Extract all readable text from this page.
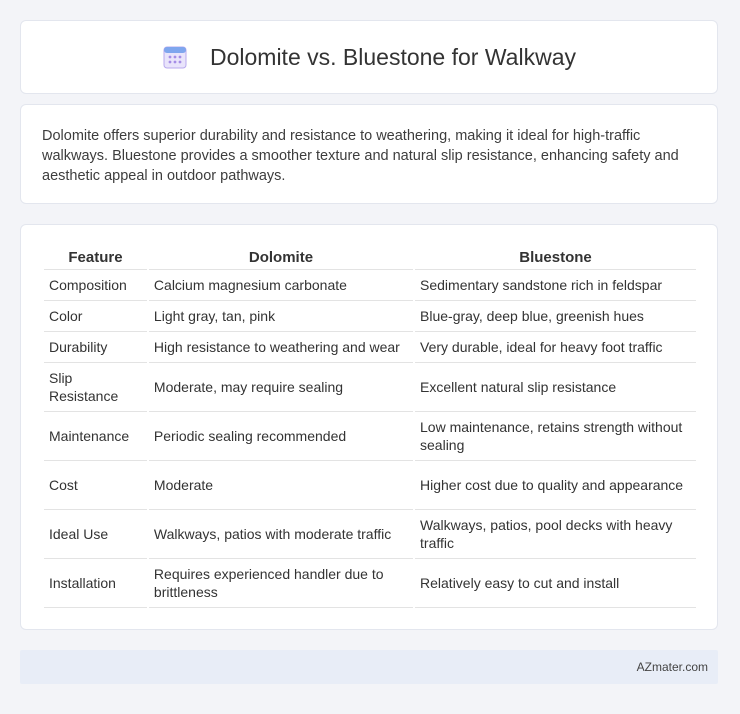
Dolomite vs. Bluestone for Walkway

Dolomite offers superior durability and resistance to weathering, making it ideal for high-traffic walkways. Bluestone provides a smoother texture and natural slip resistance, enhancing safety and aesthetic appeal in outdoor pathways.

Feature	Dolomite	Bluestone
Composition	Calcium magnesium carbonate	Sedimentary sandstone rich in feldspar
Color	Light gray, tan, pink	Blue-gray, deep blue, greenish hues
Durability	High resistance to weathering and wear	Very durable, ideal for heavy foot traffic
Slip Resistance	Moderate, may require sealing	Excellent natural slip resistance
Maintenance	Periodic sealing recommended	Low maintenance, retains strength without sealing
Cost	Moderate	Higher cost due to quality and appearance
Ideal Use	Walkways, patios with moderate traffic	Walkways, patios, pool decks with heavy traffic
Installation	Requires experienced handler due to brittleness	Relatively easy to cut and install
AZmater.com
